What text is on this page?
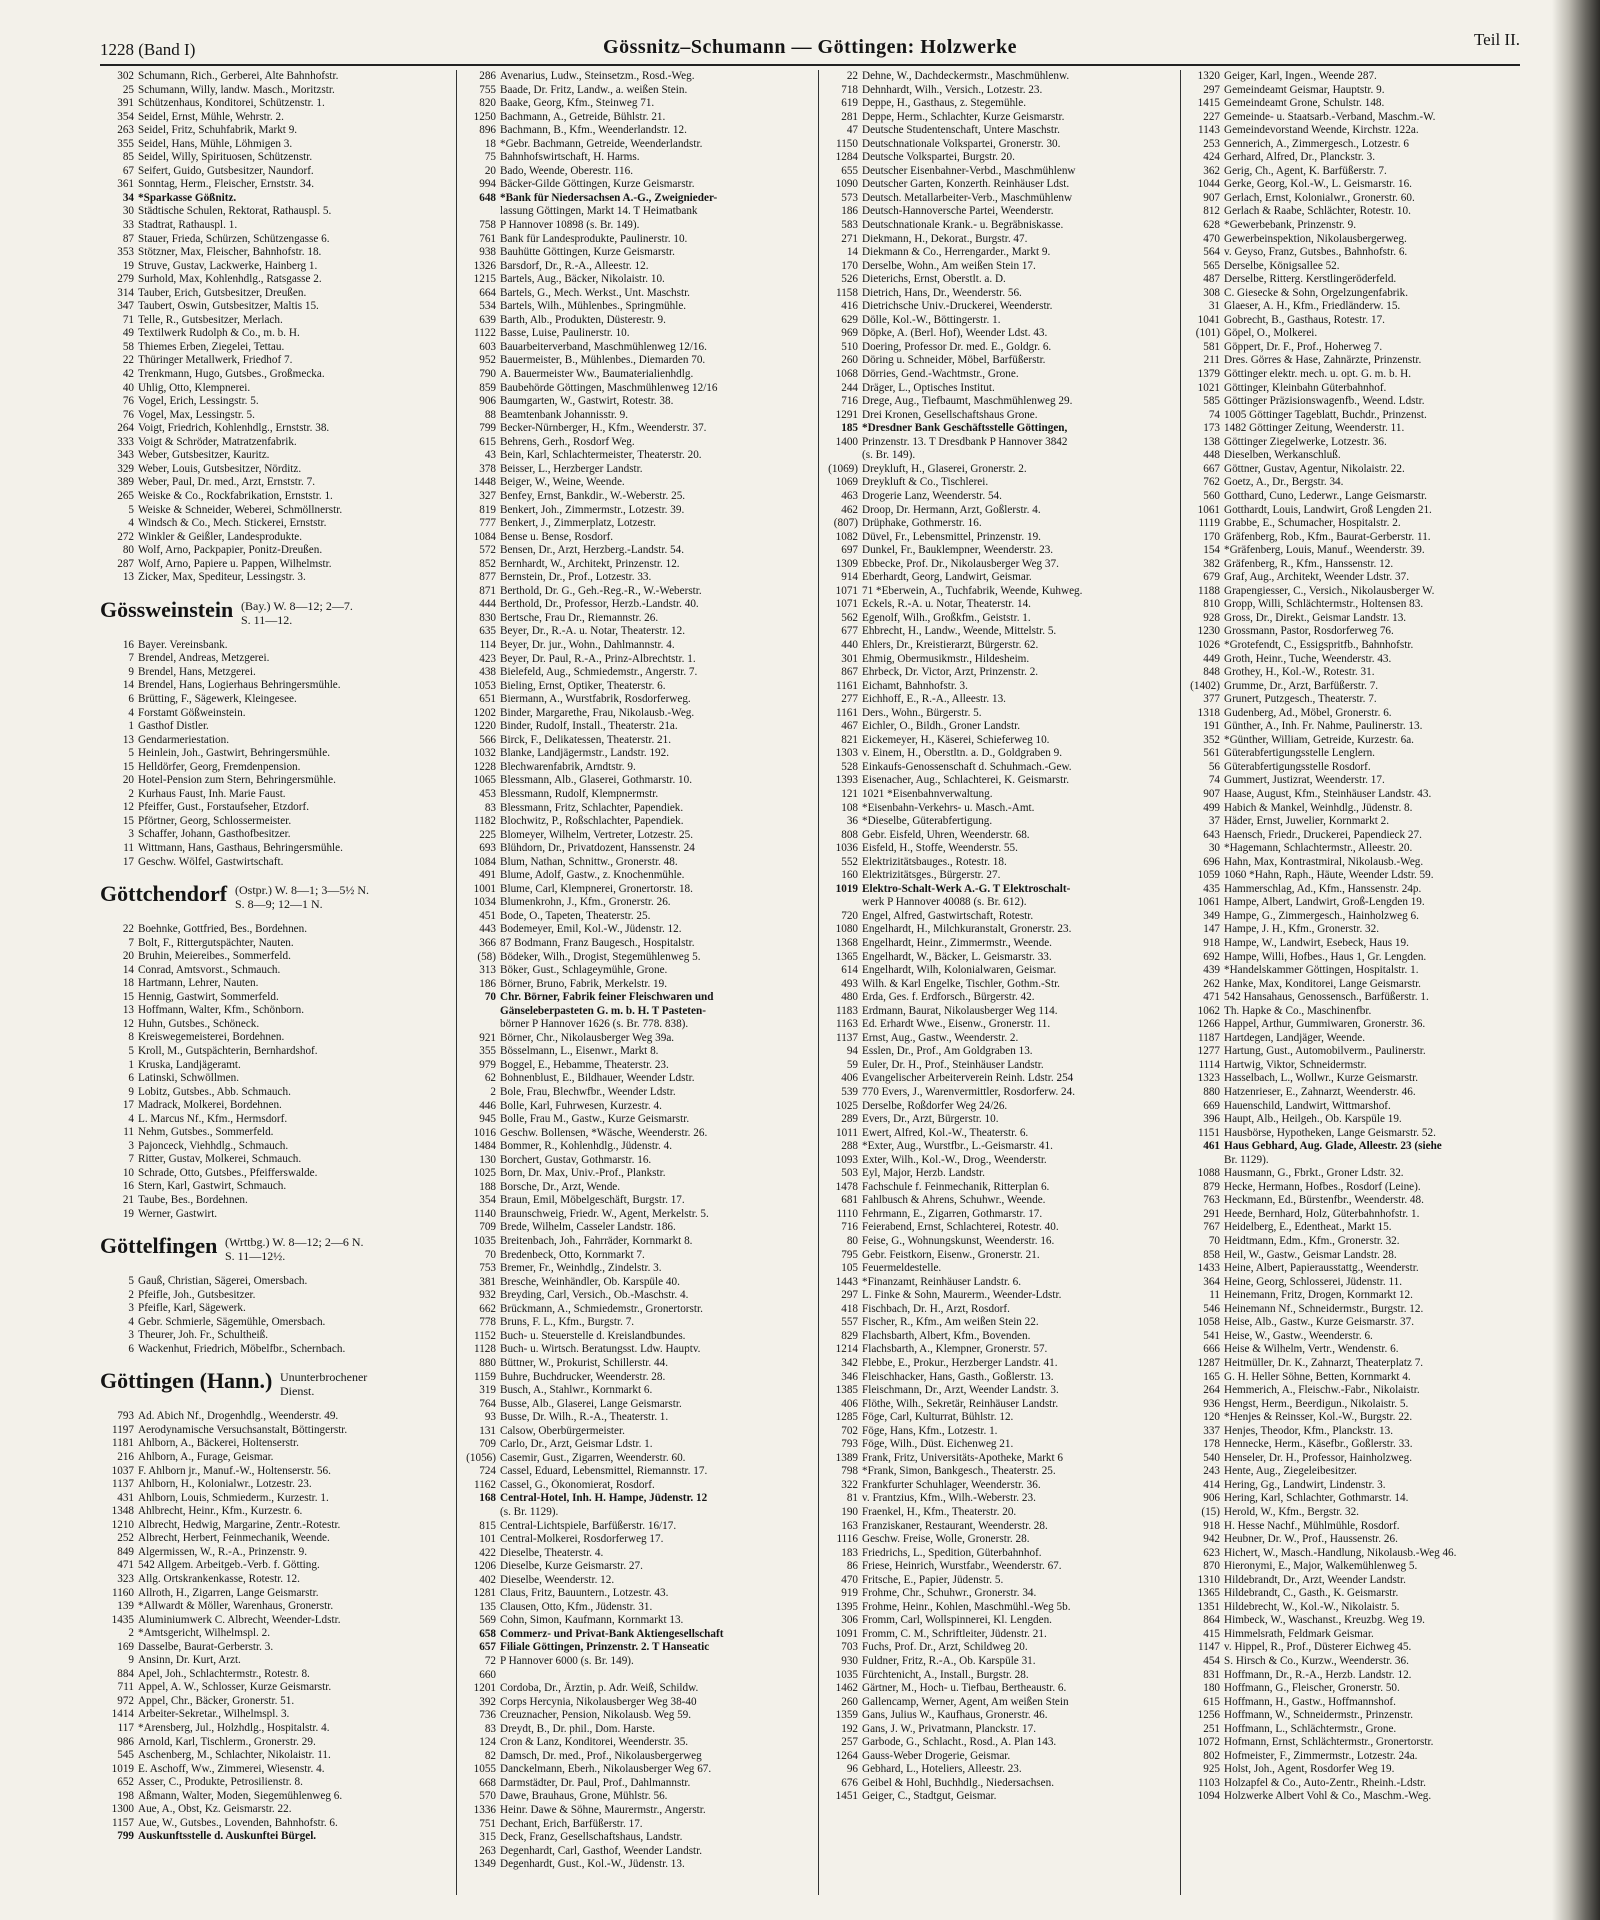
1228 (Band I)	Gössnitz–Schumann — Göttingen: Holzwerke	Teil II.
302 Schumann, Rich., Gerberei, Alte Bahnhofstr.
25 Schumann, Willy, landw. Masch., Moritzstr.
391 Schützenhaus, Konditorei, Schützenstr. 1.
354 Seidel, Ernst, Mühle, Wehrstr. 2.
263 Seidel, Fritz, Schuhfabrik, Markt 9.
355 Seidel, Hans, Mühle, Löhmigen 3.
85 Seidel, Willy, Spirituosen, Schützenstr.
67 Seifert, Guido, Gutsbesitzer, Naundorf.
361 Sonntag, Herm., Fleischer, Ernststr. 34.
34 *Sparkasse Gößnitz.
30 Städtische Schulen, Rektorat, Rathauspl. 5.
33 Stadtrat, Rathauspl. 1.
87 Stauer, Frieda, Schürzen, Schützengasse 6.
353 Stötzner, Max, Fleischer, Bahnhofstr. 18.
19 Struve, Gustav, Lackwerke, Hainberg 1.
279 Surhold, Max, Kohlenhdlg., Ratsgasse 2.
314 Tauber, Erich, Gutsbesitzer, Dreußen.
347 Taubert, Oswin, Gutsbesitzer, Maltis 15.
71 Telle, R., Gutsbesitzer, Merlach.
49 Textilwerk Rudolph & Co., m. b. H.
58 Thiemes Erben, Ziegelei, Tettau.
22 Thüringer Metallwerk, Friedhof 7.
42 Trenkmann, Hugo, Gutsbes., Großmecka.
40 Uhlig, Otto, Klempnerei.
76 Vogel, Erich, Lessingstr. 5.
76 Vogel, Max, Lessingstr. 5.
264 Voigt, Friedrich, Kohlenhdlg., Ernststr. 38.
333 Voigt & Schröder, Matratzenfabrik.
343 Weber, Gutsbesitzer, Kauritz.
329 Weber, Louis, Gutsbesitzer, Nörditz.
389 Weber, Paul, Dr. med., Arzt, Ernststr. 7.
265 Weiske & Co., Rockfabrikation, Ernststr. 1.
5 Weiske & Schneider, Weberei, Schmöllnerstr.
4 Windsch & Co., Mech. Stickerei, Ernststr.
272 Winkler & Geißler, Landesprodukte.
80 Wolf, Arno, Packpapier, Ponitz-Dreußen.
287 Wolf, Arno, Papiere u. Pappen, Wilhelmstr.
13 Zicker, Max, Spediteur, Lessingstr. 3.
Gössweinstein (Bay.) W. 8—12; 2—7.
S. 11—12.
16 Bayer. Vereinsbank.
7 Brendel, Andreas, Metzgerei.
9 Brendel, Hans, Metzgerei.
14 Brendel, Hans, Logierhaus Behringersmühle.
6 Brütting, F., Sägewerk, Kleingesee.
4 Forstamt Gößweinstein.
1 Gasthof Distler.
13 Gendarmeriestation.
5 Heinlein, Joh., Gastwirt, Behringersmühle.
15 Helldörfer, Georg, Fremdenpension.
20 Hotel-Pension zum Stern, Behringersmühle.
2 Kurhaus Faust, Inh. Marie Faust.
12 Pfeiffer, Gust., Forstaufseher, Etzdorf.
15 Pförtner, Georg, Schlossermeister.
3 Schaffer, Johann, Gasthofbesitzer.
11 Wittmann, Hans, Gasthaus, Behringersmühle.
17 Geschw. Wölfel, Gastwirtschaft.
Göttchendorf (Ostpr.) W. 8—1; 3—5½ N.
S. 8—9; 12—1 N.
22 Boehnke, Gottfried, Bes., Bordehnen.
7 Bolt, F., Rittergutspächter, Nauten.
20 Bruhin, Meiereibes., Sommerfeld.
14 Conrad, Amtsvorst., Schmauch.
18 Hartmann, Lehrer, Nauten.
15 Hennig, Gastwirt, Sommerfeld.
13 Hoffmann, Walter, Kfm., Schönborn.
12 Huhn, Gutsbes., Schöneck.
8 Kreiswegemeisterei, Bordehnen.
5 Kroll, M., Gutspächterin, Bernhardshof.
1 Kruska, Landjägeramt.
6 Latinski, Schwöllmen.
9 Lobitz, Gutsbes., Abb. Schmauch.
17 Madrack, Molkerei, Bordehnen.
4 L. Marcus Nf., Kfm., Hermsdorf.
11 Nehm, Gutsbes., Sommerfeld.
3 Pajonceck, Viehhdlg., Schmauch.
7 Ritter, Gustav, Molkerei, Schmauch.
10 Schrade, Otto, Gutsbes., Pfeifferswalde.
16 Stern, Karl, Gastwirt, Schmauch.
21 Taube, Bes., Bordehnen.
19 Werner, Gastwirt.
Göttelfingen (Wrttbg.) W. 8—12; 2—6 N.
S. 11—12½.
5 Gauß, Christian, Sägerei, Omersbach.
2 Pfeifle, Joh., Gutsbesitzer.
3 Pfeifle, Karl, Sägewerk.
4 Gebr. Schmierle, Sägemühle, Omersbach.
3 Theurer, Joh. Fr., Schultheiß.
6 Wackenhut, Friedrich, Möbelfbr., Schernbach.
Göttingen (Hann.) Ununterbrochener
Dienst.
793 Ad. Abich Nf., Drogenhdlg., Weenderstr. 49.
1197 Aerodynamische Versuchsanstalt, Böttingerstr.
1181 Ahlborn, A., Bäckerei, Holtenserstr.
216 Ahlborn, A., Furage, Geismar.
1037 F. Ahlborn jr., Manuf.-W., Holtenserstr. 56.
1137 Ahlborn, H., Kolonialwr., Lotzestr. 23.
431 Ahlborn, Louis, Schmiederm., Kurzestr. 1.
1348 Ahlbrecht, Heinr., Kfm., Kurzestr. 6.
1210 Albrecht, Hedwig, Margarine, Zentr.-Rotestr.
252 Albrecht, Herbert, Feinmechanik, Weende.
849 Algermissen, W., R.-A., Prinzenstr. 9.
471 542 Allgem. Arbeitgeb.-Verb. f. Götting.
323 Allg. Ortskrankenkasse, Rotestr. 12.
1160 Allroth, H., Zigarren, Lange Geismarstr.
139 *Allwardt & Möller, Warenhaus, Gronerstr.
1435 Aluminiumwerk C. Albrecht, Weender-Ldstr.
2 *Amtsgericht, Wilhelmspl. 2.
169 Dasselbe, Baurat-Gerberstr. 3.
9 Ansinn, Dr. Kurt, Arzt.
884 Apel, Joh., Schlachtermstr., Rotestr. 8.
711 Appel, A. W., Schlosser, Kurze Geismarstr.
972 Appel, Chr., Bäcker, Gronerstr. 51.
1414 Arbeiter-Sekretar., Wilhelmspl. 3.
117 *Arensberg, Jul., Holzhdlg., Hospitalstr. 4.
986 Arnold, Karl, Tischlerm., Gronerstr. 29.
545 Aschenberg, M., Schlachter, Nikolaistr. 11.
1019 E. Aschoff, Ww., Zimmerei, Wiesenstr. 4.
652 Asser, C., Produkte, Petrosilienstr. 8.
198 Aßmann, Walter, Moden, Siegemühlenweg 6.
1300 Aue, A., Obst, Kz. Geismarstr. 22.
1157 Aue, W., Gutsbes., Lovenden, Bahnhofstr. 6.
799 Auskunftsstelle d. Auskunftei Bürgel.
286 Avenarius, Ludw., Steinsetzm., Rosd.-Weg.
755 Baade, Dr. Fritz, Landw., a. weißen Stein.
820 Baake, Georg, Kfm., Steinweg 71.
1250 Bachmann, A., Getreide, Bühlstr. 21.
896 Bachmann, B., Kfm., Weenderlandstr. 12.
18 *Gebr. Bachmann, Getreide, Weenderlandstr.
75 Bahnhofswirtschaft, H. Harms.
20 Bado, Weende, Oberestr. 116.
994 Bäcker-Gilde Göttingen, Kurze Geismarstr.
648 *Bank für Niedersachsen A.-G., Zweignieder-
lassung Göttingen, Markt 14. T Heimatbank
758 P Hannover 10898 (s. Br. 149).
761 Bank für Landesprodukte, Paulinerstr. 10.
938 Bauhütte Göttingen, Kurze Geismarstr.
1326 Barsdorf, Dr., R.-A., Alleestr. 12.
1215 Bartels, Aug., Bäcker, Nikolaistr. 10.
664 Bartels, G., Mech. Werkst., Unt. Maschstr.
534 Bartels, Wilh., Mühlenbes., Springmühle.
639 Barth, Alb., Produkten, Düsterestr. 9.
1122 Basse, Luise, Paulinerstr. 10.
603 Bauarbeiterverband, Maschmühlenweg 12/16.
952 Bauermeister, B., Mühlenbes., Diemarden 70.
790 A. Bauermeister Ww., Baumaterialienhdlg.
859 Baubehörde Göttingen, Maschmühlenweg 12/16
906 Baumgarten, W., Gastwirt, Rotestr. 38.
88 Beamtenbank Johannisstr. 9.
799 Becker-Nürnberger, H., Kfm., Weenderstr. 37.
615 Behrens, Gerh., Rosdorf Weg.
43 Bein, Karl, Schlachtermeister, Theaterstr. 20.
378 Beisser, L., Herzberger Landstr.
1448 Beiger, W., Weine, Weende.
327 Benfey, Ernst, Bankdir., W.-Weberstr. 25.
819 Benkert, Joh., Zimmermstr., Lotzestr. 39.
777 Benkert, J., Zimmerplatz, Lotzestr.
1084 Bense u. Bense, Rosdorf.
572 Bensen, Dr., Arzt, Herzberg.-Landstr. 54.
852 Bernhardt, W., Architekt, Prinzenstr. 12.
877 Bernstein, Dr., Prof., Lotzestr. 33.
871 Berthold, Dr. G., Geh.-Reg.-R., W.-Weberstr.
444 Berthold, Dr., Professor, Herzb.-Landstr. 40.
830 Bertsche, Frau Dr., Riemannstr. 26.
635 Beyer, Dr., R.-A. u. Notar, Theaterstr. 12.
114 Beyer, Dr. jur., Wohn., Dahlmannstr. 4.
423 Beyer, Dr. Paul, R.-A., Prinz-Albrechtstr. 1.
438 Bielefeld, Aug., Schmiedemstr., Angerstr. 7.
1053 Bieling, Ernst, Optiker, Theaterstr. 6.
651 Biermann, A., Wurstfabrik, Rosdorferweg.
1202 Binder, Margarethe, Frau, Nikolausb.-Weg.
1220 Binder, Rudolf, Install., Theaterstr. 21a.
566 Birck, F., Delikatessen, Theaterstr. 21.
1032 Blanke, Landjägermstr., Landstr. 192.
1228 Blechwarenfabrik, Arndtstr. 9.
1065 Blessmann, Alb., Glaserei, Gothmarstr. 10.
453 Blessmann, Rudolf, Klempnermstr.
83 Blessmann, Fritz, Schlachter, Papendiek.
1182 Blochwitz, P., Roßschlachter, Papendiek.
225 Blomeyer, Wilhelm, Vertreter, Lotzestr. 25.
693 Blühdorn, Dr., Privatdozent, Hanssenstr. 24
1084 Blum, Nathan, Schnittw., Gronerstr. 48.
491 Blume, Adolf, Gastw., z. Knochenmühle.
1001 Blume, Carl, Klempnerei, Gronertorstr. 18.
1034 Blumenkrohn, J., Kfm., Gronerstr. 26.
451 Bode, O., Tapeten, Theaterstr. 25.
443 Bodemeyer, Emil, Kol.-W., Jüdenstr. 12.
366 87 Bodmann, Franz Baugesch., Hospitalstr.
(58) Bödeker, Wilh., Drogist, Stegemühlenweg 5.
313 Böker, Gust., Schlageymühle, Grone.
186 Börner, Bruno, Fabrik, Merkelstr. 19.
70 Chr. Börner, Fabrik feiner Fleischwaren und
Gänseleberpasteten G. m. b. H. T Pasteten-
börner P Hannover 1626 (s. Br. 778. 838).
921 Börner, Chr., Nikolausberger Weg 39a.
355 Bösselmann, L., Eisenwr., Markt 8.
979 Boggel, E., Hebamme, Theaterstr. 23.
62 Bohnenblust, E., Bildhauer, Weender Ldstr.
2 Bole, Frau, Blechwfbr., Weender Ldstr.
446 Bolle, Karl, Fuhrwesen, Kurzestr. 4.
945 Bolle, Frau M., Gastw., Kurze Geismarstr.
1016 Geschw. Bollensen, *Wäsche, Weenderstr. 26.
1484 Bommer, R., Kohlenhdlg., Jüdenstr. 4.
130 Borchert, Gustav, Gothmarstr. 16.
1025 Born, Dr. Max, Univ.-Prof., Plankstr.
188 Borsche, Dr., Arzt, Wende.
354 Braun, Emil, Möbelgeschäft, Burgstr. 17.
1140 Braunschweig, Friedr. W., Agent, Merkelstr. 5.
709 Brede, Wilhelm, Casseler Landstr. 186.
1035 Breitenbach, Joh., Fahrräder, Kornmarkt 8.
70 Bredenbeck, Otto, Kornmarkt 7.
753 Bremer, Fr., Weinhdlg., Zindelstr. 3.
381 Bresche, Weinhändler, Ob. Karspüle 40.
932 Breyding, Carl, Versich., Ob.-Maschstr. 4.
662 Brückmann, A., Schmiedemstr., Gronertorstr.
778 Bruns, F. L., Kfm., Burgstr. 7.
1152 Buch- u. Steuerstelle d. Kreislandbundes.
1128 Buch- u. Wirtsch. Beratungsst. Ldw. Hauptv.
880 Büttner, W., Prokurist, Schillerstr. 44.
1159 Buhre, Buchdrucker, Weenderstr. 28.
319 Busch, A., Stahlwr., Kornmarkt 6.
764 Busse, Alb., Glaserei, Lange Geismarstr.
93 Busse, Dr. Wilh., R.-A., Theaterstr. 1.
131 Calsow, Oberbürgermeister.
709 Carlo, Dr., Arzt, Geismar Ldstr. 1.
(1056) Casemir, Gust., Zigarren, Weenderstr. 60.
724 Cassel, Eduard, Lebensmittel, Riemannstr. 17.
1162 Cassel, G., Ökonomierat, Rosdorf.
168 Central-Hotel, Inh. H. Hampe, Jüdenstr. 12
(s. Br. 1129).
815 Central-Lichtspiele, Barfüßerstr. 16/17.
101 Central-Molkerei, Rosdorferweg 17.
422 Dieselbe, Theaterstr. 4.
1206 Dieselbe, Kurze Geismarstr. 27.
402 Dieselbe, Weenderstr. 12.
1281 Claus, Fritz, Bauuntern., Lotzestr. 43.
135 Clausen, Otto, Kfm., Jüdenstr. 31.
569 Cohn, Simon, Kaufmann, Kornmarkt 13.
658 Commerz- und Privat-Bank Aktiengesellschaft
657 Filiale Göttingen, Prinzenstr. 2. T Hanseatic
72 P Hannover 6000 (s. Br. 149).
660
1201 Cordoba, Dr., Ärztin, p. Adr. Weiß, Schildw.
392 Corps Hercynia, Nikolausberger Weg 38-40
736 Creuznacher, Pension, Nikolausb. Weg 59.
83 Dreydt, B., Dr. phil., Dom. Harste.
124 Cron & Lanz, Konditorei, Weenderstr. 35.
82 Damsch, Dr. med., Prof., Nikolausbergerweg
1055 Danckelmann, Eberh., Nikolausberger Weg 67.
668 Darmstädter, Dr. Paul, Prof., Dahlmannstr.
570 Dawe, Brauhaus, Grone, Mühlstr. 56.
1336 Heinr. Dawe & Söhne, Maurermstr., Angerstr.
751 Dechant, Erich, Barfüßerstr. 17.
315 Deck, Franz, Gesellschaftshaus, Landstr.
263 Degenhardt, Carl, Gasthof, Weender Landstr.
1349 Degenhardt, Gust., Kol.-W., Jüdenstr. 13.
22 Dehne, W., Dachdeckermstr., Maschmühlenw.
718 Dehnhardt, Wilh., Versich., Lotzestr. 23.
619 Deppe, H., Gasthaus, z. Stegemühle.
281 Deppe, Herm., Schlachter, Kurze Geismarstr.
47 Deutsche Studentenschaft, Untere Maschstr.
1150 Deutschnationale Volkspartei, Gronerstr. 30.
1284 Deutsche Volkspartei, Burgstr. 20.
655 Deutscher Eisenbahner-Verbd., Maschmühlenw
1090 Deutscher Garten, Konzerth. Reinhäuser Ldst.
573 Deutsch. Metallarbeiter-Verb., Maschmühlenw
186 Deutsch-Hannoversche Partei, Weenderstr.
583 Deutschnationale Krank.- u. Begräbniskasse.
271 Diekmann, H., Dekorat., Burgstr. 47.
14 Diekmann & Co., Herrengarder., Markt 9.
170 Derselbe, Wohn., Am weißen Stein 17.
526 Dieterichs, Ernst, Oberstlt. a. D.
1158 Dietrich, Hans, Dr., Weenderstr. 56.
416 Dietrichsche Univ.-Druckerei, Weenderstr.
629 Dölle, Kol.-W., Böttingerstr. 1.
969 Döpke, A. (Berl. Hof), Weender Ldst. 43.
510 Doering, Professor Dr. med. E., Goldgr. 6.
260 Döring u. Schneider, Möbel, Barfüßerstr.
1068 Dörries, Gend.-Wachtmstr., Grone.
244 Dräger, L., Optisches Institut.
716 Drege, Aug., Tiefbaumt, Maschmühlenweg 29.
1291 Drei Kronen, Gesellschaftshaus Grone.
185 *Dresdner Bank Geschäftsstelle Göttingen,
1400 Prinzenstr. 13. T Dresdbank P Hannover 3842
(s. Br. 149).
(1069) Dreykluft, H., Glaserei, Gronerstr. 2.
1069 Dreykluft & Co., Tischlerei.
463 Drogerie Lanz, Weenderstr. 54.
462 Droop, Dr. Hermann, Arzt, Goßlerstr. 4.
(807) Drüphake, Gothmerstr. 16.
1082 Düvel, Fr., Lebensmittel, Prinzenstr. 19.
697 Dunkel, Fr., Bauklempner, Weenderstr. 23.
1309 Ebbecke, Prof. Dr., Nikolausberger Weg 37.
914 Eberhardt, Georg, Landwirt, Geismar.
1071 71 *Eberwein, A., Tuchfabrik, Weende, Kuhweg.
1071 Eckels, R.-A. u. Notar, Theaterstr. 14.
562 Egenolf, Wilh., Großkfm., Geiststr. 1.
677 Ehbrecht, H., Landw., Weende, Mittelstr. 5.
440 Ehlers, Dr., Kreistierarzt, Bürgerstr. 62.
301 Ehmig, Obermusikmstr., Hildesheim.
867 Ehrbeck, Dr. Victor, Arzt, Prinzenstr. 2.
1161 Eichamt, Bahnhofstr. 3.
277 Eichhoff, E., R.-A., Alleestr. 13.
1161 Ders., Wohn., Bürgerstr. 5.
467 Eichler, O., Bildh., Groner Landstr.
821 Eickemeyer, H., Käserei, Schieferweg 10.
1303 v. Einem, H., Oberstltn. a. D., Goldgraben 9.
528 Einkaufs-Genossenschaft d. Schuhmach.-Gew.
1393 Eisenacher, Aug., Schlachterei, K. Geismarstr.
121 1021 *Eisenbahnverwaltung.
108 *Eisenbahn-Verkehrs- u. Masch.-Amt.
36 *Dieselbe, Güterabfertigung.
808 Gebr. Eisfeld, Uhren, Weenderstr. 68.
1036 Eisfeld, H., Stoffe, Weenderstr. 55.
552 Elektrizitätsbauges., Rotestr. 18.
160 Elektrizitätsges., Bürgerstr. 27.
1019 Elektro-Schalt-Werk A.-G. T Elektroschalt-
werk P Hannover 40088 (s. Br. 612).
720 Engel, Alfred, Gastwirtschaft, Rotestr.
1080 Engelhardt, H., Milchkuranstalt, Gronerstr. 23.
1368 Engelhardt, Heinr., Zimmermstr., Weende.
1365 Engelhardt, W., Bäcker, L. Geismarstr. 33.
614 Engelhardt, Wilh, Kolonialwaren, Geismar.
493 Wilh. & Karl Engelke, Tischler, Gothm.-Str.
480 Erda, Ges. f. Erdforsch., Bürgerstr. 42.
1183 Erdmann, Baurat, Nikolausberger Weg 114.
1163 Ed. Erhardt Wwe., Eisenw., Gronerstr. 11.
1137 Ernst, Aug., Gastw., Weenderstr. 2.
94 Esslen, Dr., Prof., Am Goldgraben 13.
59 Euler, Dr. H., Prof., Steinhäuser Landstr.
406 Evangelischer Arbeiterverein Reinh. Ldstr. 254
539 770 Evers, J., Warenvermittler, Rosdorferw. 24.
1025 Derselbe, Roßdorfer Weg 24/26.
289 Evers, Dr., Arzt, Bürgerstr. 10.
1011 Ewert, Alfred, Kol.-W., Theaterstr. 6.
288 *Exter, Aug., Wurstfbr., L.-Geismarstr. 41.
1093 Exter, Wilh., Kol.-W., Drog., Weenderstr.
503 Eyl, Major, Herzb. Landstr.
1478 Fachschule f. Feinmechanik, Ritterplan 6.
681 Fahlbusch & Ahrens, Schuhwr., Weende.
1110 Fehrmann, E., Zigarren, Gothmarstr. 17.
716 Feierabend, Ernst, Schlachterei, Rotestr. 40.
80 Feise, G., Wohnungskunst, Weenderstr. 16.
795 Gebr. Feistkorn, Eisenw., Gronerstr. 21.
105 Feuermeldestelle.
1443 *Finanzamt, Reinhäuser Landstr. 6.
297 L. Finke & Sohn, Maurerm., Weender-Ldstr.
418 Fischbach, Dr. H., Arzt, Rosdorf.
557 Fischer, R., Kfm., Am weißen Stein 22.
829 Flachsbarth, Albert, Kfm., Bovenden.
1214 Flachsbarth, A., Klempner, Gronerstr. 57.
342 Flebbe, E., Prokur., Herzberger Landstr. 41.
346 Fleischhacker, Hans, Gasth., Goßlerstr. 13.
1385 Fleischmann, Dr., Arzt, Weender Landstr. 3.
406 Flöthe, Wilh., Sekretär, Reinhäuser Landstr.
1285 Föge, Carl, Kulturrat, Bühlstr. 12.
702 Föge, Hans, Kfm., Lotzestr. 1.
793 Föge, Wilh., Düst. Eichenweg 21.
1389 Frank, Fritz, Universitäts-Apotheke, Markt 6
798 *Frank, Simon, Bankgesch., Theaterstr. 25.
322 Frankfurter Schuhlager, Weenderstr. 36.
81 v. Frantzius, Kfm., Wilh.-Weberstr. 23.
190 Fraenkel, H., Kfm., Theaterstr. 20.
163 Franziskaner, Restaurant, Weenderstr. 28.
1116 Geschw. Freise, Wolle, Gronerstr. 28.
183 Friedrichs, L., Spedition, Güterbahnhof.
86 Friese, Heinrich, Wurstfabr., Weenderstr. 67.
470 Fritsche, E., Papier, Jüdenstr. 5.
919 Frohme, Chr., Schuhwr., Gronerstr. 34.
1395 Frohme, Heinr., Kohlen, Maschmühl.-Weg 5b.
306 Fromm, Carl, Wollspinnerei, Kl. Lengden.
1091 Fromm, C. M., Schriftleiter, Jüdenstr. 21.
703 Fuchs, Prof. Dr., Arzt, Schildweg 20.
930 Fuldner, Fritz, R.-A., Ob. Karspüle 31.
1035 Fürchtenicht, A., Install., Burgstr. 28.
1462 Gärtner, M., Hoch- u. Tiefbau, Bertheaustr. 6.
260 Gallencamp, Werner, Agent, Am weißen Stein
1359 Gans, Julius W., Kaufhaus, Gronerstr. 46.
192 Gans, J. W., Privatmann, Planckstr. 17.
257 Garbode, G., Schlacht., Rosd., A. Plan 143.
1264 Gauss-Weber Drogerie, Geismar.
96 Gebhard, L., Hoteliers, Alleestr. 23.
676 Geibel & Hohl, Buchhdlg., Niedersachsen.
1451 Geiger, C., Stadtgut, Geismar.
1320 Geiger, Karl, Ingen., Weende 287.
297 Gemeindeamt Geismar, Hauptstr. 9.
1415 Gemeindeamt Grone, Schulstr. 148.
227 Gemeinde- u. Staatsarb.-Verband, Maschm.-W.
1143 Gemeindevorstand Weende, Kirchstr. 122a.
253 Gennerich, A., Zimmergesch., Lotzestr. 6
424 Gerhard, Alfred, Dr., Planckstr. 3.
362 Gerig, Ch., Agent, K. Barfüßerstr. 7.
1044 Gerke, Georg, Kol.-W., L. Geismarstr. 16.
907 Gerlach, Ernst, Kolonialwr., Gronerstr. 60.
812 Gerlach & Raabe, Schlächter, Rotestr. 10.
628 *Gewerbebank, Prinzenstr. 9.
470 Gewerbeinspektion, Nikolausbergerweg.
564 v. Geyso, Franz, Gutsbes., Bahnhofstr. 6.
565 Derselbe, Königsallee 52.
487 Derselbe, Ritterg. Kerstlingeröderfeld.
308 C. Giesecke & Sohn, Orgelzungenfabrik.
31 Glaeser, A. H., Kfm., Friedländerw. 15.
1041 Gobrecht, B., Gasthaus, Rotestr. 17.
(101) Göpel, O., Molkerei.
581 Göppert, Dr. F., Prof., Hoherweg 7.
211 Dres. Görres & Hase, Zahnärzte, Prinzenstr.
1379 Göttinger elektr. mech. u. opt. G. m. b. H.
1021 Göttinger, Kleinbahn Güterbahnhof.
585 Göttinger Präzisionswagenfb., Weend. Ldstr.
74 1005 Göttinger Tageblatt, Buchdr., Prinzenst.
173 1482 Göttinger Zeitung, Weenderstr. 11.
138 Göttinger Ziegelwerke, Lotzestr. 36.
448 Dieselben, Werkanschluß.
667 Göttner, Gustav, Agentur, Nikolaistr. 22.
762 Goetz, A., Dr., Bergstr. 34.
560 Gotthard, Cuno, Lederwr., Lange Geismarstr.
1061 Gotthardt, Louis, Landwirt, Groß Lengden 21.
1119 Grabbe, E., Schumacher, Hospitalstr. 2.
170 Gräfenberg, Rob., Kfm., Baurat-Gerberstr. 11.
154 *Gräfenberg, Louis, Manuf., Weenderstr. 39.
382 Gräfenberg, R., Kfm., Hanssenstr. 12.
679 Graf, Aug., Architekt, Weender Ldstr. 37.
1188 Grapengiesser, C., Versich., Nikolausberger W.
810 Gropp, Willi, Schlächtermstr., Holtensen 83.
928 Gross, Dr., Direkt., Geismar Landstr. 13.
1230 Grossmann, Pastor, Rosdorferweg 76.
1026 *Grotefendt, C., Essigspritfb., Bahnhofstr.
449 Groth, Heinr., Tuche, Weenderstr. 43.
848 Grothey, H., Kol.-W., Rotestr. 31.
(1402) Grumme, Dr., Arzt, Barfüßerstr. 7.
377 Grunert, Putzgesch., Theaterstr. 7.
1318 Gudenberg, Ad., Möbel, Gronerstr. 6.
191 Günther, A., Inh. Fr. Nahme, Paulinerstr. 13.
352 *Günther, William, Getreide, Kurzestr. 6a.
561 Güterabfertigungsstelle Lenglern.
56 Güterabfertigungsstelle Rosdorf.
74 Gummert, Justizrat, Weenderstr. 17.
907 Haase, August, Kfm., Steinhäuser Landstr. 43.
499 Habich & Mankel, Weinhdlg., Jüdenstr. 8.
37 Häder, Ernst, Juwelier, Kornmarkt 2.
643 Haensch, Friedr., Druckerei, Papendieck 27.
30 *Hagemann, Schlachtermstr., Alleestr. 20.
696 Hahn, Max, Kontrastmiral, Nikolausb.-Weg.
1059 1060 *Hahn, Raph., Häute, Weender Ldstr. 59.
435 Hammerschlag, Ad., Kfm., Hanssenstr. 24p.
1061 Hampe, Albert, Landwirt, Groß-Lengden 19.
349 Hampe, G., Zimmergesch., Hainholzweg 6.
147 Hampe, J. H., Kfm., Gronerstr. 32.
918 Hampe, W., Landwirt, Esebeck, Haus 19.
692 Hampe, Willi, Hofbes., Haus 1, Gr. Lengden.
439 *Handelskammer Göttingen, Hospitalstr. 1.
262 Hanke, Max, Konditorei, Lange Geismarstr.
471 542 Hansahaus, Genossensch., Barfüßerstr. 1.
1062 Th. Hapke & Co., Maschinenfbr.
1266 Happel, Arthur, Gummiwaren, Gronerstr. 36.
1187 Hartdegen, Landjäger, Weende.
1277 Hartung, Gust., Automobilverm., Paulinerstr.
1114 Hartwig, Viktor, Schneidermstr.
1323 Hasselbach, L., Wollwr., Kurze Geismarstr.
880 Hatzenrieser, E., Zahnarzt, Weenderstr. 46.
669 Hauenschild, Landwirt, Wittmarshof.
396 Haupt, Alb., Heilgeh., Ob. Karspüle 19.
1151 Hausbörse, Hypotheken, Lange Geismarstr. 52.
461 Haus Gebhard, Aug. Glade, Alleestr. 23 (siehe
Br. 1129).
1088 Hausmann, G., Fbrkt., Groner Ldstr. 32.
879 Hecke, Hermann, Hofbes., Rosdorf (Leine).
763 Heckmann, Ed., Bürstenfbr., Weenderstr. 48.
291 Heede, Bernhard, Holz, Güterbahnhofstr. 1.
767 Heidelberg, E., Edentheat., Markt 15.
70 Heidtmann, Edm., Kfm., Gronerstr. 32.
858 Heil, W., Gastw., Geismar Landstr. 28.
1433 Heine, Albert, Papierausstattg., Weenderstr.
364 Heine, Georg, Schlosserei, Jüdenstr. 11.
11 Heinemann, Fritz, Drogen, Kornmarkt 12.
546 Heinemann Nf., Schneidermstr., Burgstr. 12.
1058 Heise, Alb., Gastw., Kurze Geismarstr. 37.
541 Heise, W., Gastw., Weenderstr. 6.
666 Heise & Wilhelm, Vertr., Wendenstr. 6.
1287 Heitmüller, Dr. K., Zahnarzt, Theaterplatz 7.
165 G. H. Heller Söhne, Betten, Kornmarkt 4.
264 Hemmerich, A., Fleischw.-Fabr., Nikolaistr.
936 Hengst, Herm., Beerdigun., Nikolaistr. 5.
120 *Henjes & Reinsser, Kol.-W., Burgstr. 22.
337 Henjes, Theodor, Kfm., Planckstr. 13.
178 Hennecke, Herm., Käsefbr., Goßlerstr. 33.
540 Henseler, Dr. H., Professor, Hainholzweg.
243 Hente, Aug., Ziegeleibesitzer.
414 Hering, Gg., Landwirt, Lindenstr. 3.
906 Hering, Karl, Schlachter, Gothmarstr. 14.
(15) Herold, W., Kfm., Bergstr. 32.
918 H. Hesse Nachf., Mühlmühle, Rosdorf.
942 Heubner, Dr. W., Prof., Haussenstr. 26.
623 Hichert, W., Masch.-Handlung, Nikolausb.-Weg 46.
870 Hieronymi, E., Major, Walkemühlenweg 5.
1310 Hildebrandt, Dr., Arzt, Weender Landstr.
1365 Hildebrandt, C., Gasth., K. Geismarstr.
1351 Hildebrecht, W., Kol.-W., Nikolaistr. 5.
864 Himbeck, W., Waschanst., Kreuzbg. Weg 19.
415 Himmelsrath, Feldmark Geismar.
1147 v. Hippel, R., Prof., Düsterer Eichweg 45.
454 S. Hirsch & Co., Kurzw., Weenderstr. 36.
831 Hoffmann, Dr., R.-A., Herzb. Landstr. 12.
180 Hoffmann, G., Fleischer, Gronerstr. 50.
615 Hoffmann, H., Gastw., Hoffmannshof.
1256 Hoffmann, W., Schneidermstr., Prinzenstr.
251 Hoffmann, L., Schlächtermstr., Grone.
1072 Hofmann, Ernst, Schlächtermstr., Gronertorstr.
802 Hofmeister, F., Zimmermstr., Lotzestr. 24a.
925 Holst, Joh., Agent, Rosdorfer Weg 19.
1103 Holzapfel & Co., Auto-Zentr., Rheinh.-Ldstr.
1094 Holzwerke Albert Vohl & Co., Maschm.-Weg.
